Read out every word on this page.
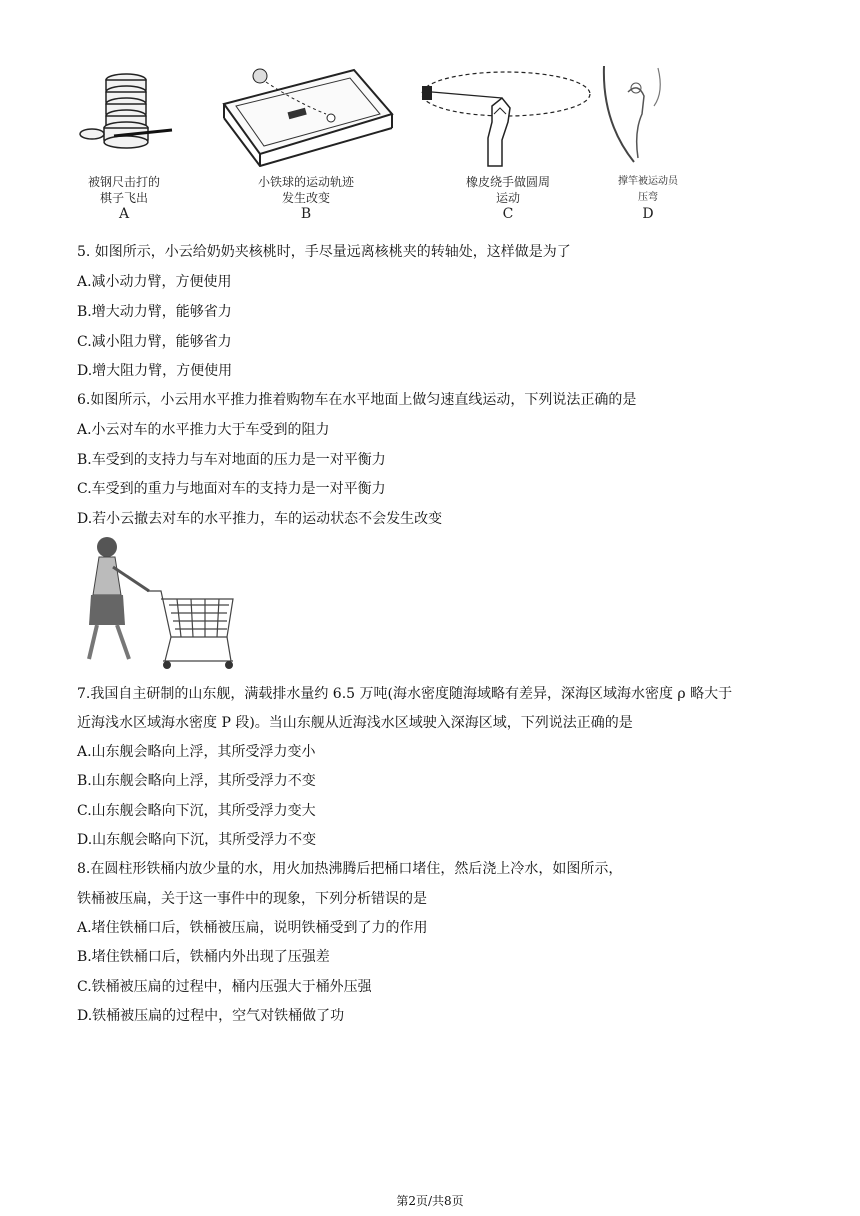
被钢尺击打的
棋子飞出
A
小铁球的运动轨迹
发生改变
B
橡皮绕手做圆周
运动
C
撑竿被运动员
压弯
D
5. 如图所示，小云给奶奶夹核桃时，手尽量远离核桃夹的转轴处，这样做是为了
A.减小动力臂，方便使用
B.增大动力臂，能够省力
C.减小阻力臂，能够省力
D.增大阻力臂，方便使用
6.如图所示，小云用水平推力推着购物车在水平地面上做匀速直线运动，下列说法正确的是
A.小云对车的水平推力大于车受到的阻力
B.车受到的支持力与车对地面的压力是一对平衡力
C.车受到的重力与地面对车的支持力是一对平衡力
D.若小云撤去对车的水平推力，车的运动状态不会发生改变
7.我国自主研制的山东舰，满载排水量约 6.5 万吨(海水密度随海域略有差异，深海区域海水密度 ρ 略大于
近海浅水区域海水密度 P 段)。当山东舰从近海浅水区域驶入深海区域，下列说法正确的是
A.山东舰会略向上浮，其所受浮力变小
B.山东舰会略向上浮，其所受浮力不变
C.山东舰会略向下沉，其所受浮力变大
D.山东舰会略向下沉，其所受浮力不变
8.在圆柱形铁桶内放少量的水，用火加热沸腾后把桶口堵住，然后浇上冷水，如图所示，
铁桶被压扁，关于这一事件中的现象，下列分析错误的是
A.堵住铁桶口后，铁桶被压扁，说明铁桶受到了力的作用
B.堵住铁桶口后，铁桶内外出现了压强差
C.铁桶被压扁的过程中，桶内压强大于桶外压强
D.铁桶被压扁的过程中，空气对铁桶做了功
第2页/共8页
